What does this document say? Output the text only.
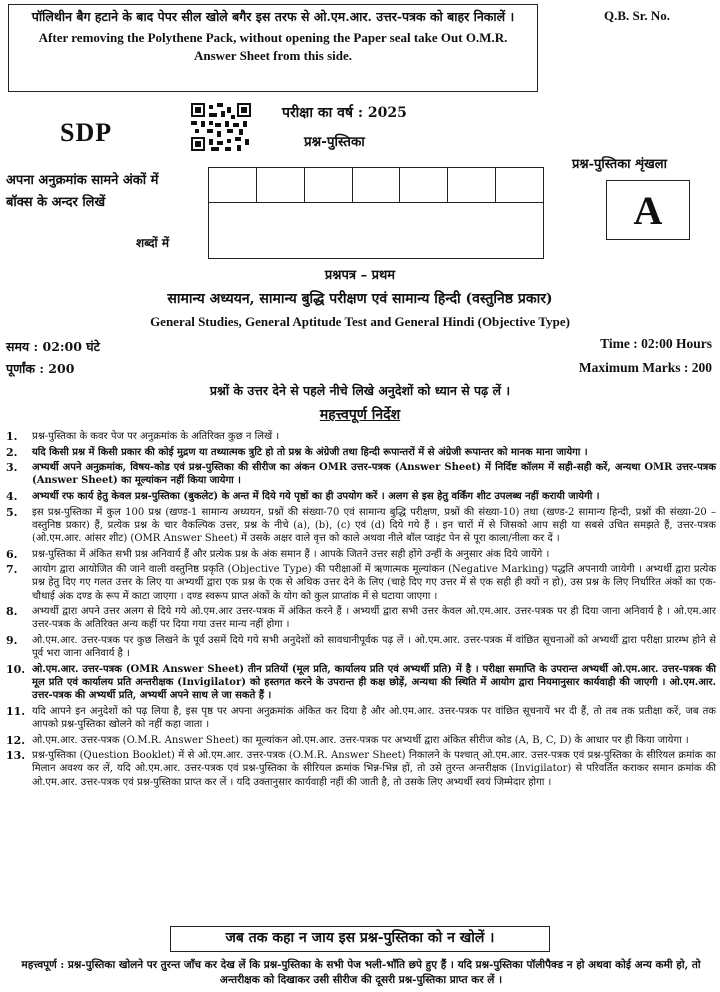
पॉलिथीन बैग हटाने के बाद पेपर सील खोले बगैर इस तरफ से ओ.एम.आर. उत्तर-पत्रक को बाहर निकालें ।
After removing the Polythene Pack, without opening the Paper seal take Out O.M.R. Answer Sheet from this side.
Q.B. Sr. No.
SDP
परीक्षा का वर्ष : 2025
प्रश्न-पुस्तिका
प्रश्न-पुस्तिका शृंखला
A
अपना अनुक्रमांक सामने अंकों में
बॉक्स के अन्दर लिखें
शब्दों में
प्रश्नपत्र – प्रथम
सामान्य अध्ययन, सामान्य बुद्धि परीक्षण एवं सामान्य हिन्दी (वस्तुनिष्ठ प्रकार)
General Studies, General Aptitude Test and General Hindi (Objective Type)
समय : 02:00 घंटे	Time : 02:00 Hours
पूर्णांक : 200	Maximum Marks : 200
प्रश्नों के उत्तर देने से पहले नीचे लिखे अनुदेशों को ध्यान से पढ़ लें ।
महत्त्वपूर्ण निर्देश
1.	प्रश्न-पुस्तिका के कवर पेज पर अनुक्रमांक के अतिरिक्त कुछ न लिखें ।
2.	यदि किसी प्रश्न में किसी प्रकार की कोई मुद्रण या तथ्यात्मक त्रुटि हो तो प्रश्न के अंग्रेजी तथा हिन्दी रूपान्तरों में से अंग्रेजी रूपान्तर को मानक माना जायेगा ।
3.	अभ्यर्थी अपने अनुक्रमांक, विषय-कोड एवं प्रश्न-पुस्तिका की सीरीज का अंकन OMR उत्तर-पत्रक (Answer Sheet) में निर्दिष्ट कॉलम में सही-सही करें, अन्यथा OMR उत्तर-पत्रक (Answer Sheet) का मूल्यांकन नहीं किया जायेगा ।
4.	अभ्यर्थी रफ कार्य हेतु केवल प्रश्न-पुस्तिका (बुकलेट) के अन्त में दिये गये पृष्ठों का ही उपयोग करें । अलग से इस हेतु वर्किंग शीट उपलब्ध नहीं करायी जायेगी ।
5.	इस प्रश्न-पुस्तिका में कुल 100 प्रश्न (खण्ड-1 सामान्य अध्ययन, प्रश्नों की संख्या-70 एवं सामान्य बुद्धि परीक्षण, प्रश्नों की संख्या-10) तथा (खण्ड-2 सामान्य हिन्दी, प्रश्नों की संख्या-20 – वस्तुनिष्ठ प्रकार) हैं, प्रत्येक प्रश्न के चार वैकल्पिक उत्तर, प्रश्न के नीचे (a), (b), (c) एवं (d) दिये गये हैं । इन चारों में से जिसको आप सही या सबसे उचित समझते हैं, उत्तर-पत्रक (ओ.एम.आर. आंसर शीट) (OMR Answer Sheet) में उसके अक्षर वाले वृत्त को काले अथवा नीले बॉल प्वाइंट पेन से पूरा काला/नीला कर दें ।
6.	प्रश्न-पुस्तिका में अंकित सभी प्रश्न अनिवार्य हैं और प्रत्येक प्रश्न के अंक समान हैं । आपके जितने उत्तर सही होंगे उन्हीं के अनुसार अंक दिये जायेंगे ।
7.	आयोग द्वारा आयोजित की जाने वाली वस्तुनिष्ठ प्रकृति (Objective Type) की परीक्षाओं में ऋणात्मक मूल्यांकन (Negative Marking) पद्धति अपनायी जायेगी । अभ्यर्थी द्वारा प्रत्येक प्रश्न हेतु दिए गए गलत उत्तर के लिए या अभ्यर्थी द्वारा एक प्रश्न के एक से अधिक उत्तर देने के लिए (चाहे दिए गए उत्तर में से एक सही ही क्यों न हो), उस प्रश्न के लिए निर्धारित अंकों का एक-चौथाई अंक दण्ड के रूप में काटा जाएगा । दण्ड स्वरूप प्राप्त अंकों के योग को कुल प्राप्तांक में से घटाया जाएगा ।
8.	अभ्यर्थी द्वारा अपने उत्तर अलग से दिये गये ओ.एम.आर उत्तर-पत्रक में अंकित करने हैं । अभ्यर्थी द्वारा सभी उत्तर केवल ओ.एम.आर. उत्तर-पत्रक पर ही दिया जाना अनिवार्य है । ओ.एम.आर उत्तर-पत्रक के अतिरिक्त अन्य कहीं पर दिया गया उत्तर मान्य नहीं होगा ।
9.	ओ.एम.आर. उत्तर-पत्रक पर कुछ लिखने के पूर्व उसमें दिये गये सभी अनुदेशों को सावधानीपूर्वक पढ़ लें । ओ.एम.आर. उत्तर-पत्रक में वांछित सूचनाओं को अभ्यर्थी द्वारा परीक्षा प्रारम्भ होने से पूर्व भरा जाना अनिवार्य है ।
10. ओ.एम.आर. उत्तर-पत्रक (OMR Answer Sheet) तीन प्रतियों (मूल प्रति, कार्यालय प्रति एवं अभ्यर्थी प्रति) में है । परीक्षा समाप्ति के उपरान्त अभ्यर्थी ओ.एम.आर. उत्तर-पत्रक की मूल प्रति एवं कार्यालय प्रति अन्तरीक्षक (Invigilator) को हस्तगत करने के उपरान्त ही कक्ष छोड़ें, अन्यथा की स्थिति में आयोग द्वारा नियमानुसार कार्यवाही की जाएगी । ओ.एम.आर. उत्तर-पत्रक की अभ्यर्थी प्रति, अभ्यर्थी अपने साथ ले जा सकते हैं ।
11. यदि आपने इन अनुदेशों को पढ़ लिया है, इस पृष्ठ पर अपना अनुक्रमांक अंकित कर दिया है और ओ.एम.आर. उत्तर-पत्रक पर वांछित सूचनायें भर दी हैं, तो तब तक प्रतीक्षा करें, जब तक आपको प्रश्न-पुस्तिका खोलने को नहीं कहा जाता ।
12. ओ.एम.आर. उत्तर-पत्रक (O.M.R. Answer Sheet) का मूल्यांकन ओ.एम.आर. उत्तर-पत्रक पर अभ्यर्थी द्वारा अंकित सीरीज कोड (A, B, C, D) के आधार पर ही किया जायेगा ।
13. प्रश्न-पुस्तिका (Question Booklet) में से ओ.एम.आर. उत्तर-पत्रक (O.M.R. Answer Sheet) निकालने के पश्चात् ओ.एम.आर. उत्तर-पत्रक एवं प्रश्न-पुस्तिका के सीरियल क्रमांक का मिलान अवश्य कर लें, यदि ओ.एम.आर. उत्तर-पत्रक एवं प्रश्न-पुस्तिका के सीरियल क्रमांक भिन्न-भिन्न हों, तो उसे तुरन्त अन्तरीक्षक (Invigilator) से परिवर्तित कराकर समान क्रमांक की ओ.एम.आर. उत्तर-पत्रक एवं प्रश्न-पुस्तिका प्राप्त कर लें । यदि उक्तानुसार कार्यवाही नहीं की जाती है, तो उसके लिए अभ्यर्थी स्वयं जिम्मेदार होगा ।
जब तक कहा न जाय इस प्रश्न-पुस्तिका को न खोलें ।
महत्त्वपूर्ण : प्रश्न-पुस्तिका खोलने पर तुरन्त जाँच कर देख लें कि प्रश्न-पुस्तिका के सभी पेज भली-भाँति छपे हुए हैं । यदि प्रश्न-पुस्तिका पॉलीपैक्ड न हो अथवा कोई अन्य कमी हो, तो अन्तरीक्षक को दिखाकर उसी सीरीज की दूसरी प्रश्न-पुस्तिका प्राप्त कर लें ।
